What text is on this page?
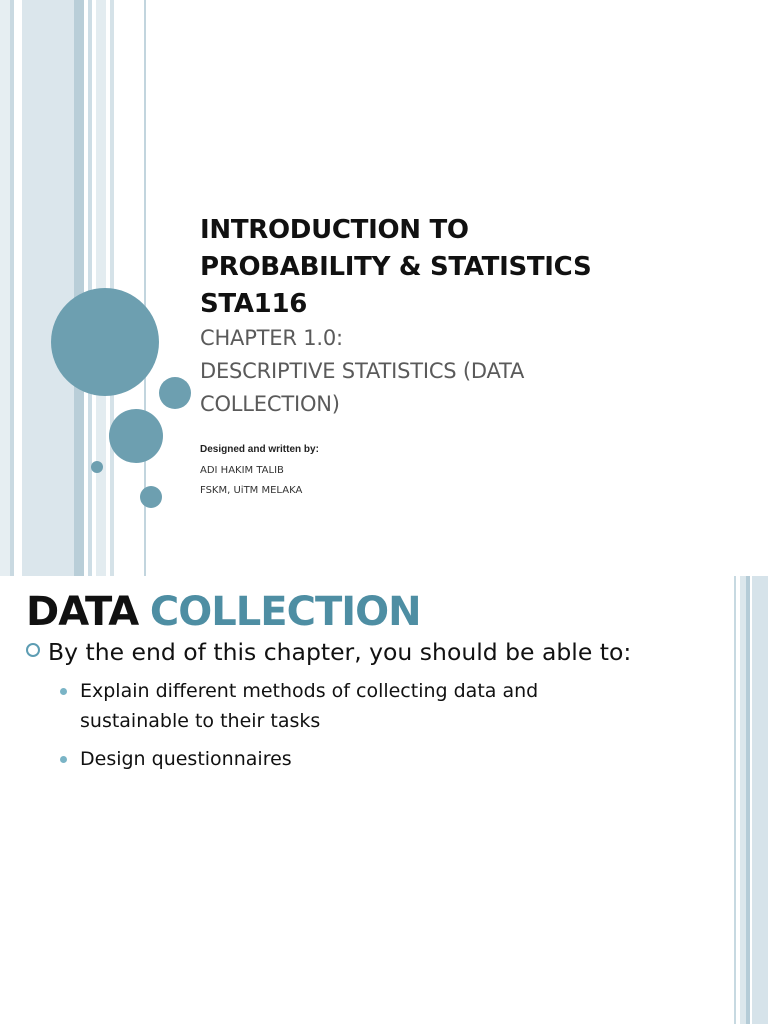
INTRODUCTION TO
PROBABILITY & STATISTICS
STA116
CHAPTER 1.0:
DESCRIPTIVE STATISTICS (DATA
COLLECTION)
Designed and written by:
ADI HAKIM TALIB
FSKM, UiTM MELAKA
DATA COLLECTION
By the end of this chapter, you should be able to:
Explain different methods of collecting data and
sustainable to their tasks
Design questionnaires
